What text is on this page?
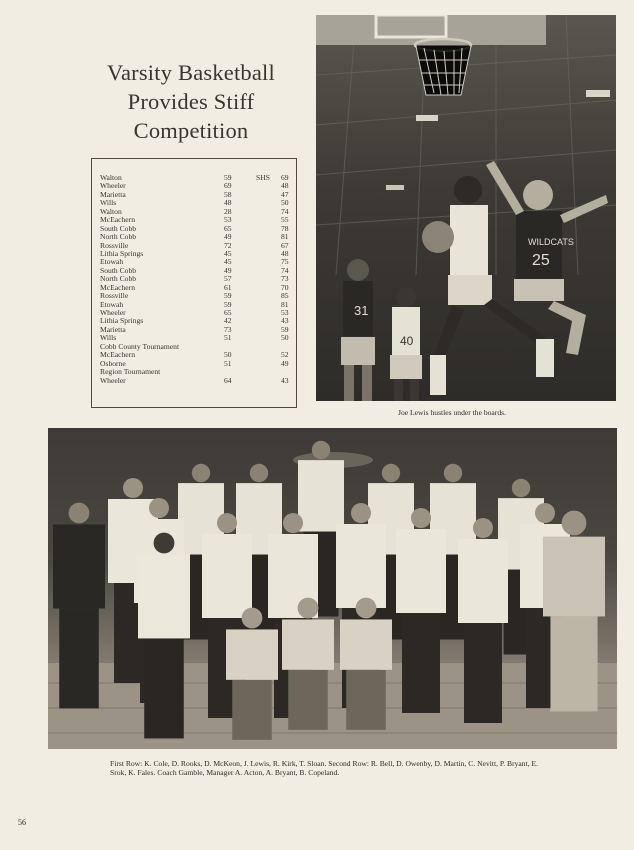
Varsity Basketball
Provides Stiff
Competition
Walton	59	69
SHS
Wheeler	69	48
Marietta	58	47
Wills	48	50
Walton	28	74
McEachern	53	55
South Cobb	65	78
North Cobb	49	81
Rossville	72	67
Lithia Springs	45	48
Etowah	45	75
South Cobb	49	74
North Cobb	57	73
McEachern	61	70
Rossville	59	85
Etowah	59	81
Wheeler	65	53
Lithia Springs	42	43
Marietta	73	59
Wills	51	50
Cobb County Tournament
McEachern	50	52
Osborne	51	49
Region Tournament
Wheeler	64	43
31
40
WILDCATS
25
Joe Lewis hustles under the boards.
First Row: K. Cole, D. Rooks, D. McKeon, J. Lewis, R. Kirk, T. Sloan. Second Row: R. Bell, D. Owenby, D. Martin, C. Nevitt, P. Bryant, E. Srok, K. Fales. Coach Gamble, Manager A. Acton, A. Bryant, B. Copeland.
56
